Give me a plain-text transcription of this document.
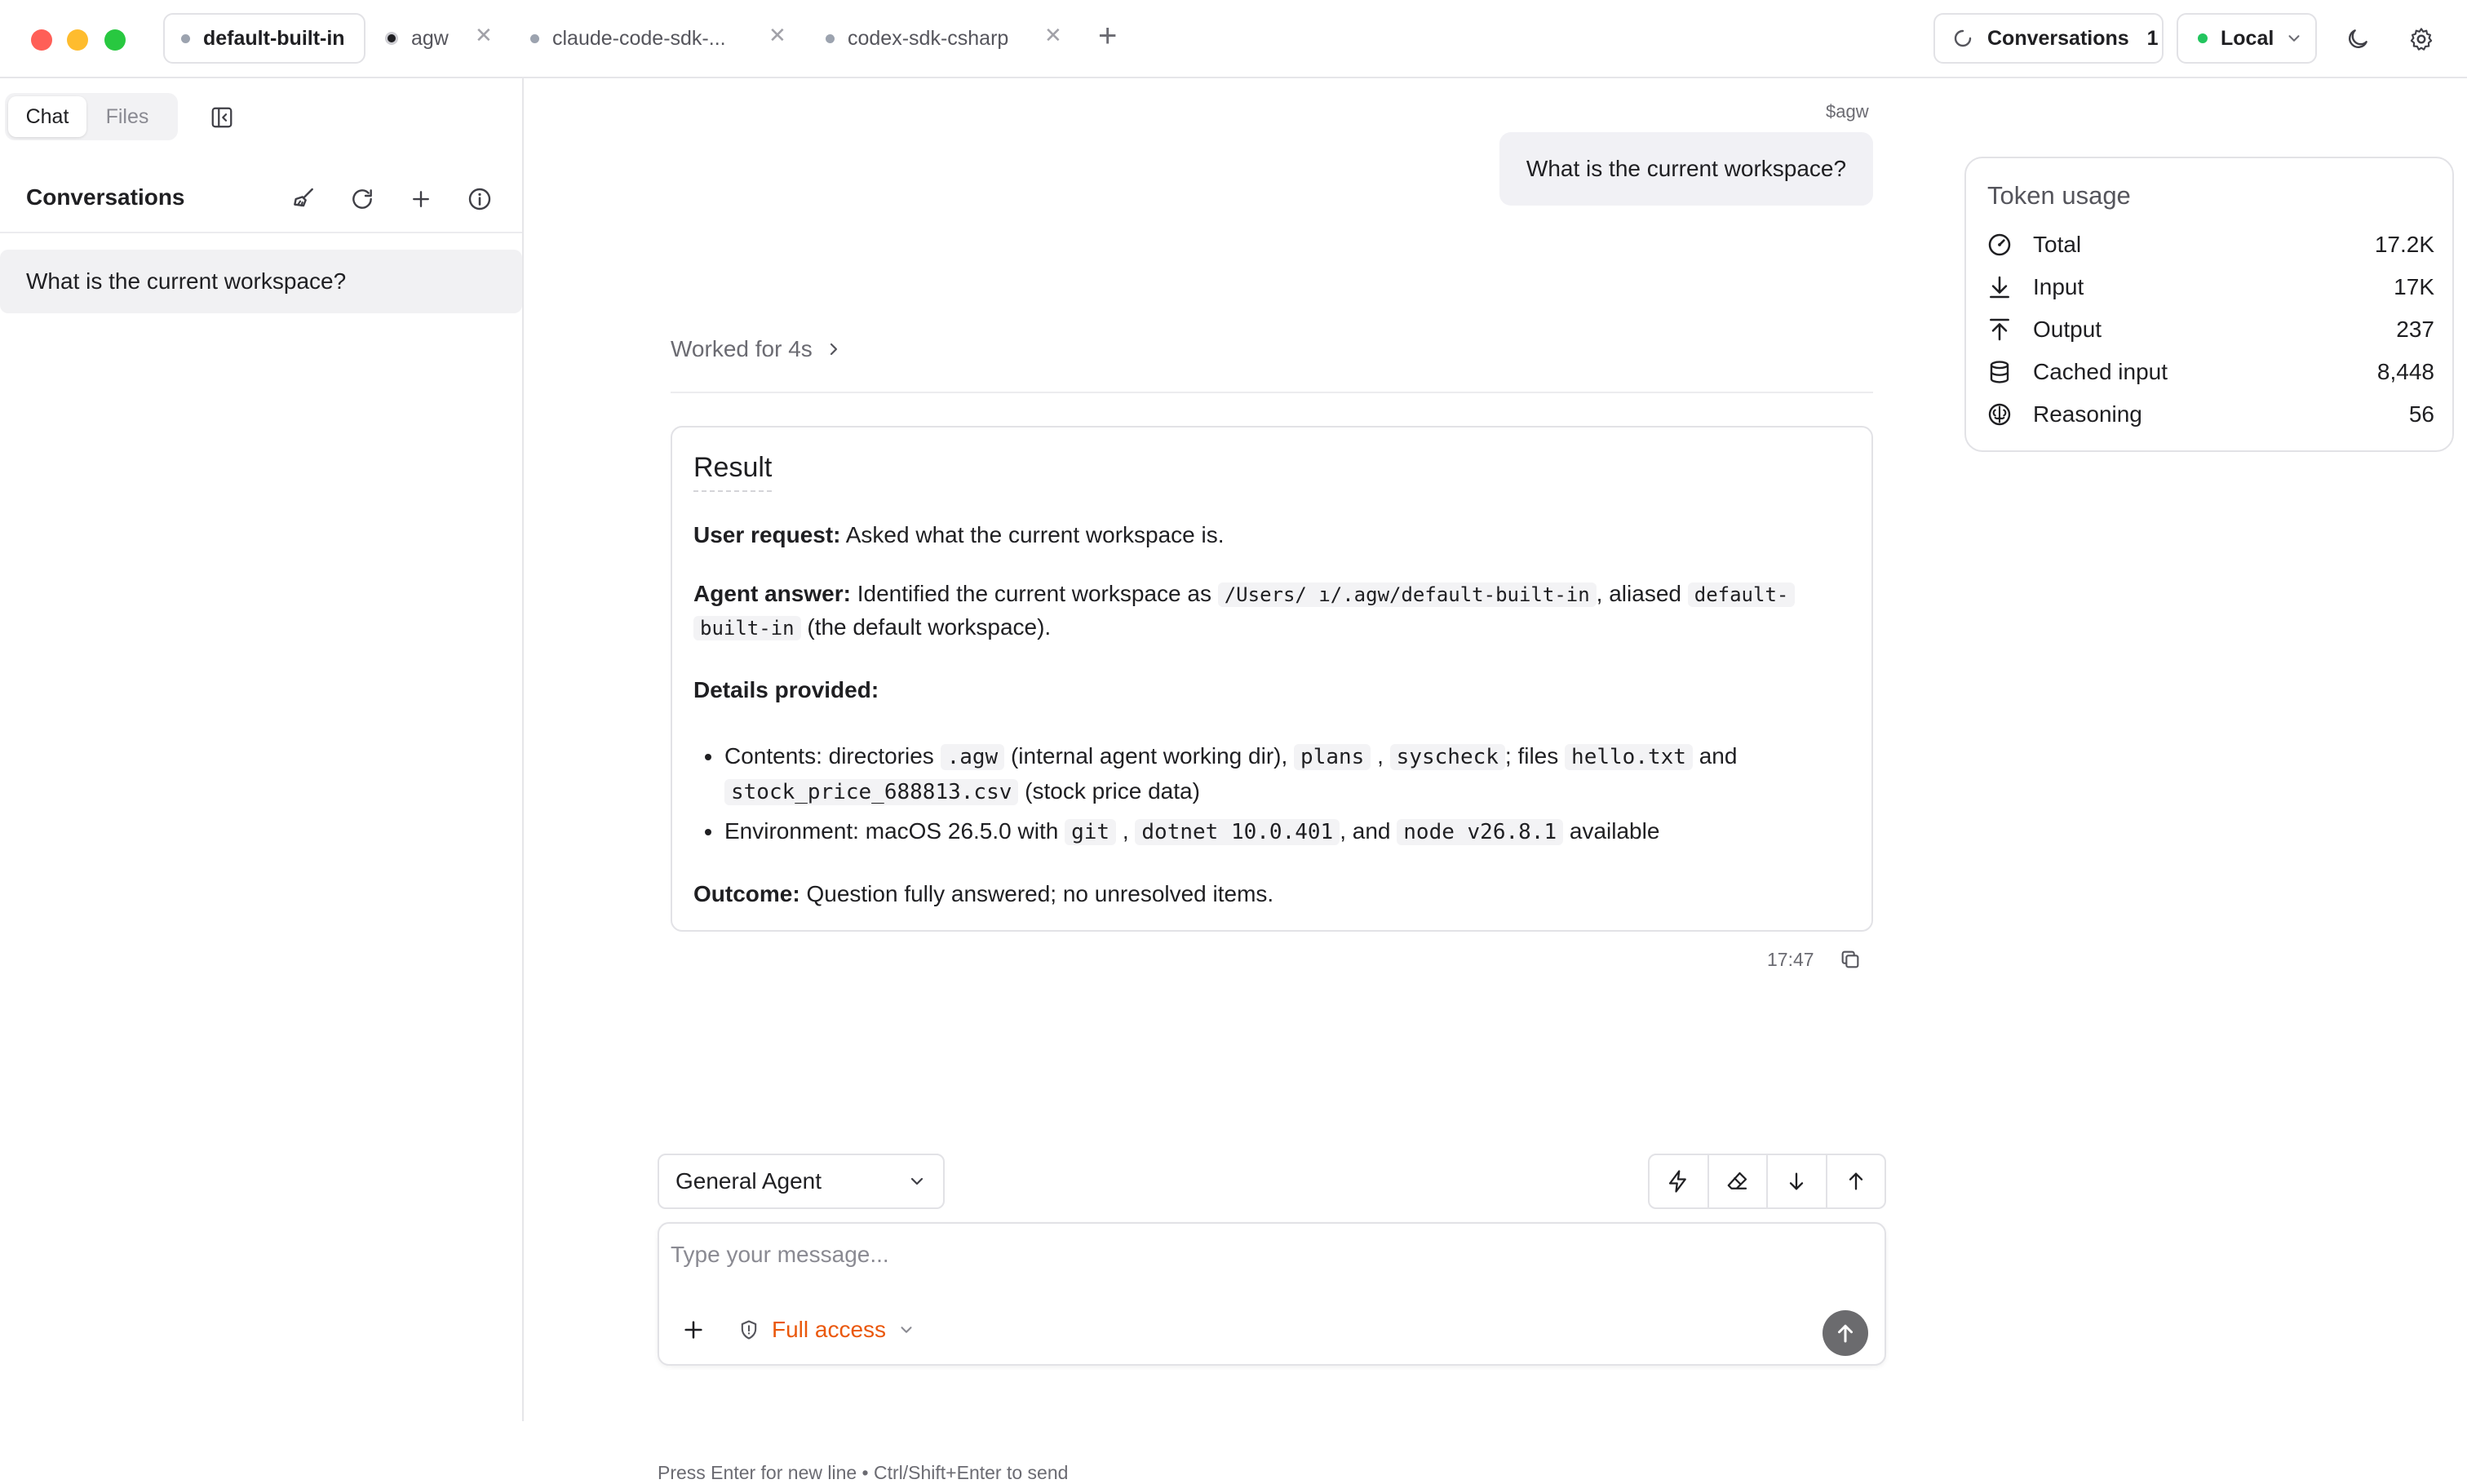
default-built-in	agw ✕	claude-code-sdk-... ✕	codex-sdk-csharp ✕ +	Conversations 1	Local
Chat	Files
Conversations
What is the current workspace?
$agw
What is the current workspace?
Worked for 4s
Result
User request: Asked what the current workspace is.
Agent answer: Identified the current workspace as /Users/ ı/.agw/default-built-in , aliased default-
built-in (the default workspace).
Details provided:
Contents: directories .agw (internal agent working dir), plans , syscheck ; files hello.txt and
stock_price_688813.csv (stock price data)
Environment: macOS 26.5.0 with git , dotnet 10.0.401 , and node v26.8.1 available
Outcome: Question fully answered; no unresolved items.
17:47
Token usage
Total	17.2K
Input	17K
Output	237
Cached input	8,448
Reasoning	56
General Agent
Type your message...
Full access
Press Enter for new line • Ctrl/Shift+Enter to send
